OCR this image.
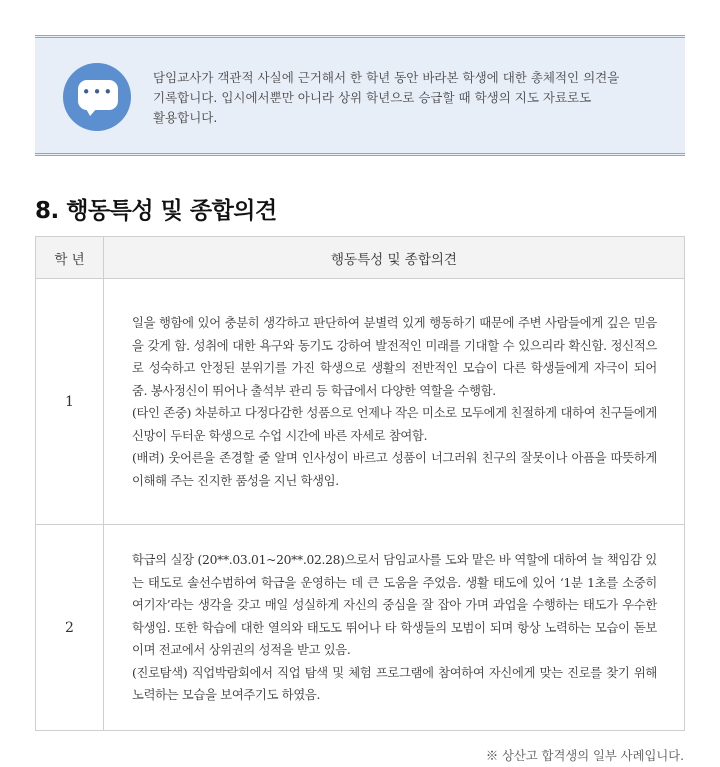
•••
담임교사가 객관적 사실에 근거해서 한 학년 동안 바라본 학생에 대한 총체적인 의견을
기록합니다. 입시에서뿐만 아니라 상위 학년으로 승급할 때 학생의 지도 자료로도
활용합니다.
8. 행동특성 및 종합의견
학 년	행동특성 및 종합의견
1	일을 행함에 있어 충분히 생각하고 판단하여 분별력 있게 행동하기 때문에 주변 사람들에게 깊은 믿음을 갖게 함. 성취에 대한 욕구와 동기도 강하여 발전적인 미래를 기대할 수 있으리라 확신함. 정신적으로 성숙하고 안정된 분위기를 가진 학생으로 생활의 전반적인 모습이 다른 학생들에게 자극이 되어 줌. 봉사정신이 뛰어나 출석부 관리 등 학급에서 다양한 역할을 수행함.

(타인 존중) 차분하고 다정다감한 성품으로 언제나 작은 미소로 모두에게 친절하게 대하여 친구들에게 신망이 두터운 학생으로 수업 시간에 바른 자세로 참여함.

(배려) 웃어른을 존경할 줄 알며 인사성이 바르고 성품이 너그러워 친구의 잘못이나 아픔을 따뜻하게 이해해 주는 진지한 품성을 지닌 학생임.

2	학급의 실장 (20**.03.01~20**.02.28)으로서 담임교사를 도와 맡은 바 역할에 대하여 늘 책임감 있는 태도로 솔선수범하여 학급을 운영하는 데 큰 도움을 주었음. 생활 태도에 있어 ‘1분 1초를 소중히 여기자’라는 생각을 갖고 매일 성실하게 자신의 중심을 잘 잡아 가며 과업을 수행하는 태도가 우수한 학생임. 또한 학습에 대한 열의와 태도도 뛰어나 타 학생들의 모범이 되며 항상 노력하는 모습이 돋보이며 전교에서 상위권의 성적을 받고 있음.

(진로탐색) 직업박람회에서 직업 탐색 및 체험 프로그램에 참여하여 자신에게 맞는 진로를 찾기 위해 노력하는 모습을 보여주기도 하였음.

※ 상산고 합격생의 일부 사례입니다.
